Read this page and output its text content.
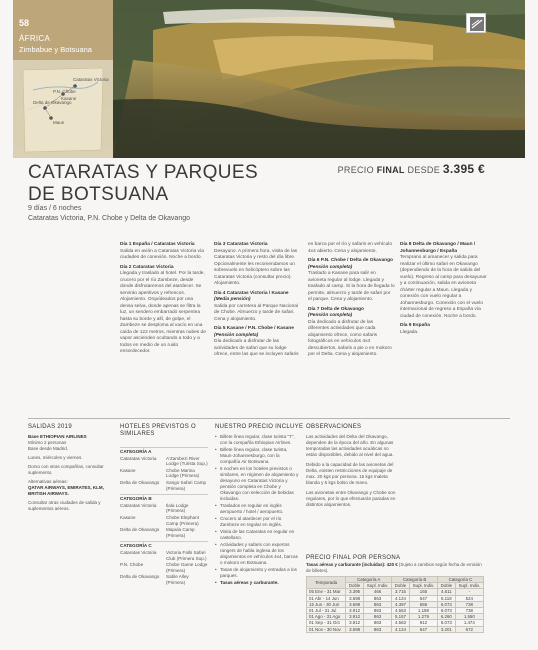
58
ÁFRICA
Zimbabue y Botsuana
Cataratas Victoria
Kasane
P.N. Chobe
Delta de Okavango
Maun
CATARATAS Y PARQUES
DE BOTSUANA
9 días / 6 noches
Cataratas Victoria, P.N. Chobe y Delta de Okavango
PRECIO FINAL DESDE 3.395 €

Día 1 España / Cataratas Victoria Salida en avión a Cataratas Victoria vía ciudades de conexión. Noche a bordo.

Día 2 Cataratas Victoria
Llegada y traslado al hotel. Por la tarde, crucero por el río Zambeze, desde donde disfrutaremos del atardecer. Se servirán aperitivos y refrescos. Alojamiento. Orquídeados por una densa selva, donde apenas se filtra la luz, un sendero embarrado serpentea hasta su borde y allí, de golpe, el Zambeze se desploma al vacío en una caída de 122 metros, mientras nubes de vapor ascienden ocultando a todo y a todos en medio de un ruido ensordecedor.

Día 3 Cataratas Victoria
Desayuno. A primera hora, visita de las Cataratas Victoria y resto del día libre. Opcionalmente les recomendamos un sobrevuelo en helicóptero sobre las Cataratas Victoria (consultar precio). Alojamiento.

Día 4 Cataratas Victoria / Kasane
(Media pensión)
Salida por carretera al Parque Nacional de Chobe. Almuerzo y tarde de safari. Cena y alojamiento.

Día 5 Kasane / P.N. Chobe / Kasane
(Pensión completa)
Día dedicado a disfrutar de las actividades de safari que su lodge ofrece, entre las que se incluyen safaris

en barca por el río y safaris en vehículo 4x4 abierto. Cena y alojamiento.

Día 6 P.N. Chobe / Delta de Okavango
(Pensión completa)
Traslado a Kasane para salir en avioneta regular al lodge. Llegada y traslado al camp. Si la hora de llegada lo permite, almuerzo y tarde de safari por el parque. Cena y alojamiento.

Día 7 Delta de Okavango
(Pensión completa)
Día dedicado a disfrutar de las diferentes actividades que cada alojamiento ofrece, como safaris fotográficos en vehículos 4x4 descubiertos, safaris a pie o en mokoro por el Delta. Cena y alojamiento.

Día 8 Delta de Okavango / Maun / Johannesburgo / España
Temprano al amanecer y salida para realizar el último safari en Okavango (dependiendo de la hora de salida del vuelo). Regreso al camp para desayunar y a continuación, salida en avioneta chárter regular a Maun. Llegada y conexión con vuelo regular a Johannesburgo. Conexión con el vuelo internacional de regreso a España vía ciudad de conexión. Noche a bordo.

Día 9 España
Llegada.

SALIDAS 2019

Base ETHIOPIAN AIRLINES
Mínimo 2 personas
Base desde Madrid.

Lunes, miércoles y viernes.

Dorso con otras compañías, consultar suplemento.

Alternativas aéreas:
QATAR AIRWAYS, EMIRATES, KLM, BRITISH AIRWAYS.

Consultar otras ciudades de salida y suplementos aéreos.

HOTELES PREVISTOS O
SIMILARES
CATEGORÍA A
Cataratas Victoria	A'Zambezi River Lodge (Turista Sup.)
Kasane	Chobe Marina Lodge (Primera)
Delta de Okavango	Sango Safari Camp (Primera)
CATEGORÍA B
Cataratas Victoria	Ilala Lodge (Primera)
Kasane	Chobe Elephant Camp (Primera)
Delta de Okavango	Mapula Camp (Primera)
CATEGORÍA C
Cataratas Victoria	Victoria Falls Safari Club (Primera Sup.)
P.N. Chobe	Chobe Game Lodge (Primera)
Delta de Okavango	Sable Alley (Primera)
NUESTRO PRECIO INCLUYE
• Billete línea regular, clase turista "T", con la compañía Ethiopian Airlines.
• Billete línea regular, clase turista, Maun-Johannesburgo, con la compañía Air Botswana.
• 6 noches en los hoteles previstos o similares, en régimen de alojamiento y desayuno en Cataratas Victoria y pensión completa en Chobe y Okavango con selección de bebidas incluidas.
• Traslados en regular en inglés aeropuerto / hotel / aeropuerto.
• Crucero al atardecer por el río Zambeze en regular en inglés.
• Visita de las Cataratas en regular en castellano.
• Actividades y safaris con expertos rangers de habla inglesa de los alojamientos en vehículos 4x4, barcas o mokoro en Botsuana.
• Tasas de alojamiento y entradas a los parques.
• Tasas aéreas y carburante.
OBSERVACIONES

Las actividades del Delta del Okavango, dependen de la época del año. En algunas temporadas las actividades acuáticas no están disponibles, debido al nivel del agua.

Debido a la capacidad de las avionetas del Delta, existen restricciones de equipaje de max. 20 kgs por persona. 15 kgs maleta blanda y 5 kgs bolso de mano.

Las avionetas entre Okavango y Chobe son regulares, por lo que efectuarán paradas en distintos alojamientos.

PRECIO FINAL POR PERSONA
Tasas aéreas y carburante (incluidas): 420 € (Sujeto a cambios según fecha de emisión de billetes).
Temporada	Categoría A		Categoría B		Categoría C	
	Doble	Supl. Indiv.	Doble	Supl. Indiv.	Doble	Supl. Indiv.
05 Ene - 31 Mar	3.395	466	3.715	165	4.611	-
01 Abr - 14 Jun	3.598	863	4.124	547	5.118	524
15 Jun - 30 Jun	3.598	863	4.397	659	6.073	738
01 Jul - 31 Jul	3.912	863	4.563	1.198	6.073	738
01 Ago - 31 Ago	3.912	863	5.157	1.279	6.260	1.550
01 Sep - 31 Oct	3.912	863	4.563	912	6.073	1.474
01 Nov - 30 Nov	3.598	863	4.124	547	3.201	672
